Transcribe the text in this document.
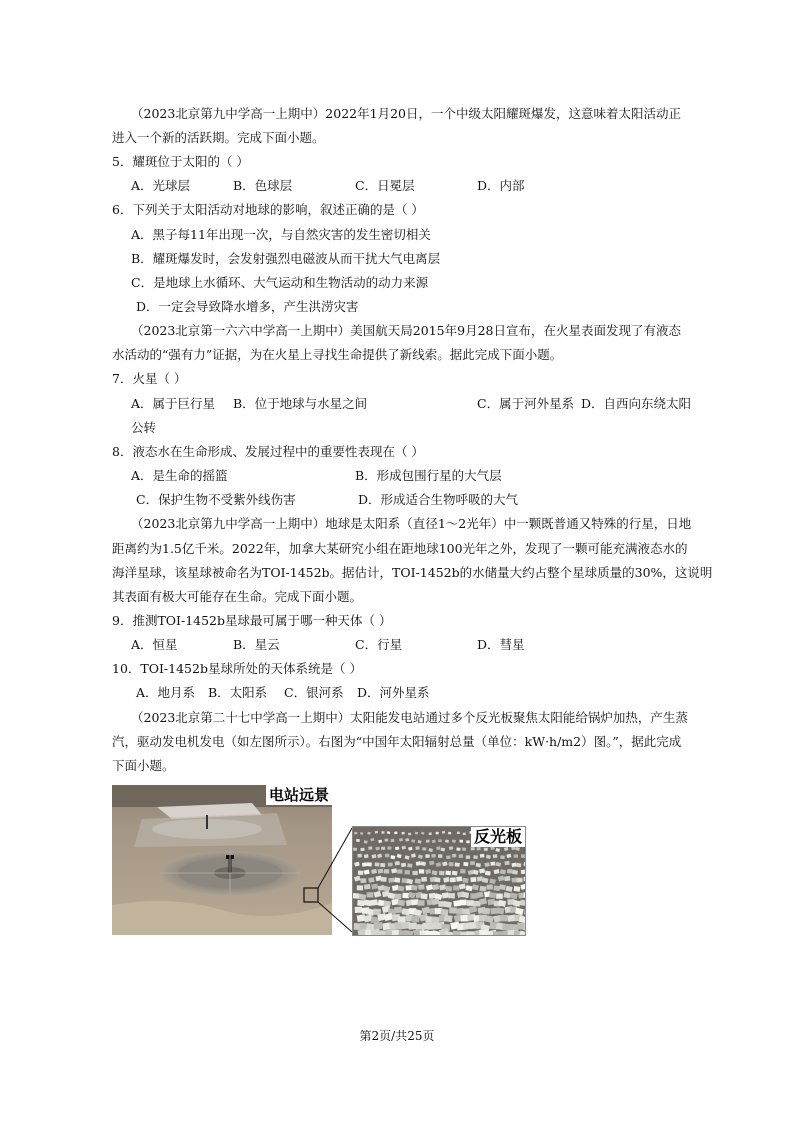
（2023北京第九中学高一上期中）2022年1月20日，一个中级太阳耀斑爆发，这意味着太阳活动正
进入一个新的活跃期。完成下面小题。
5．耀斑位于太阳的（ ）
A．光球层	B．色球层	C．日冕层	D．内部
6．下列关于太阳活动对地球的影响，叙述正确的是（ ）
A．黑子每11年出现一次，与自然灾害的发生密切相关
B．耀斑爆发时，会发射强烈电磁波从而干扰大气电离层
C．是地球上水循环、大气运动和生物活动的动力来源
D．一定会导致降水增多，产生洪涝灾害
（2023北京第一六六中学高一上期中）美国航天局2015年9月28日宣布，在火星表面发现了有液态
水活动的“强有力”证据，为在火星上寻找生命提供了新线索。据此完成下面小题。
7．火星（ ）
A．属于巨行星 B．位于地球与水星之间	C．属于河外星系 D．自西向东绕太阳
公转
8．液态水在生命形成、发展过程中的重要性表现在（ ）
A．是生命的摇篮	B．形成包围行星的大气层
C．保护生物不受紫外线伤害	D．形成适合生物呼吸的大气
（2023北京第九中学高一上期中）地球是太阳系（直径1～2光年）中一颗既普通又特殊的行星，日地
距离约为1.5亿千米。2022年，加拿大某研究小组在距地球100光年之外，发现了一颗可能充满液态水的
海洋星球，该星球被命名为TOI-1452b。据估计，TOI-1452b的水储量大约占整个星球质量的30%，这说明
其表面有极大可能存在生命。完成下面小题。
9．推测TOI-1452b星球最可属于哪一种天体（ ）
A．恒星	B．星云	C．行星	D．彗星
10．TOI-1452b星球所处的天体系统是（ ）
A．地月系 B．太阳系 C．银河系 D．河外星系
（2023北京第二十七中学高一上期中）太阳能发电站通过多个反光板聚焦太阳能给锅炉加热，产生蒸
汽，驱动发电机发电（如左图所示）。右图为“中国年太阳辐射总量（单位：kW·h/m2）图。”，据此完成
下面小题。
电站远景
反光板
第2页/共25页
